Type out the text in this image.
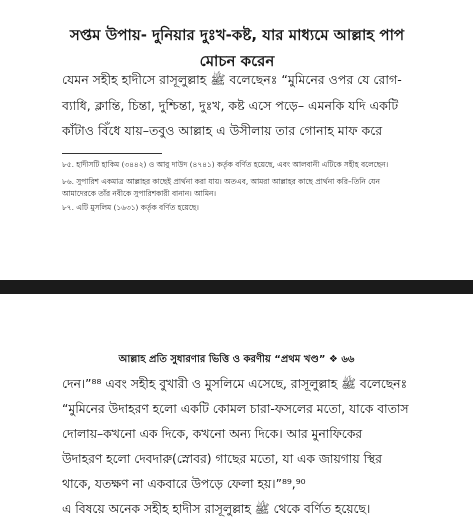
সপ্তম উপায়- দুনিয়ার দুঃখ-কষ্ট, যার মাধ্যমে আল্লাহ পাপ
মোচন করেন
যেমন সহীহ হাদীসে রাসূলুল্লাহ ﷺ বলেছেনঃ “মুমিনের ওপর যে রোগ-
ব্যাধি, ক্লান্তি, চিন্তা, দুশ্চিন্তা, দুঃখ, কষ্ট এসে পড়ে– এমনকি যদি একটি
কাঁটাও বিঁধে যায়–তবুও আল্লাহ এ উসীলায় তার গোনাহ মাফ করে
৮৫. হাদীসটি হাকিম (৩৪৪২) ও আবু দাউদ (৪৭৪১) কর্তৃক বর্ণিত হয়েছে, এবং আলবানী এটিকে সহীহ বলেছেন।
৮৬. সুপারিশ একমাত্র আল্লাহর কাছেই প্রার্থনা করা যায়। অতএব, আমরা আল্লাহর কাছে প্রার্থনা করি–তিনি যেন
আমাদেরকে তাঁর নবীকে সুপারিশকারী বানান। আমিন।
৮৭. এটি মুসলিম (১৬৩১) কর্তৃক বর্ণিত হয়েছে।
আল্লাহ প্রতি সুধারণার ভিত্তি ও করণীয় “প্রথম খণ্ড” ❖ ৬৬
দেন।”⁸⁸ এবং সহীহ বুখারী ও মুসলিমে এসেছে, রাসূলুল্লাহ ﷺ বলেছেনঃ
“মুমিনের উদাহরণ হলো একটি কোমল চারা-ফসলের মতো, যাকে বাতাস
দোলায়–কখনো এক দিকে, কখনো অন্য দিকে। আর মুনাফিকের
উদাহরণ হলো দেবদারু(স্নোবর) গাছের মতো, যা এক জায়গায় স্থির
থাকে, যতক্ষণ না একবারে উপড়ে ফেলা হয়।”⁸⁹,⁹⁰
এ বিষয়ে অনেক সহীহ হাদীস রাসূলুল্লাহ ﷺ থেকে বর্ণিত হয়েছে।
